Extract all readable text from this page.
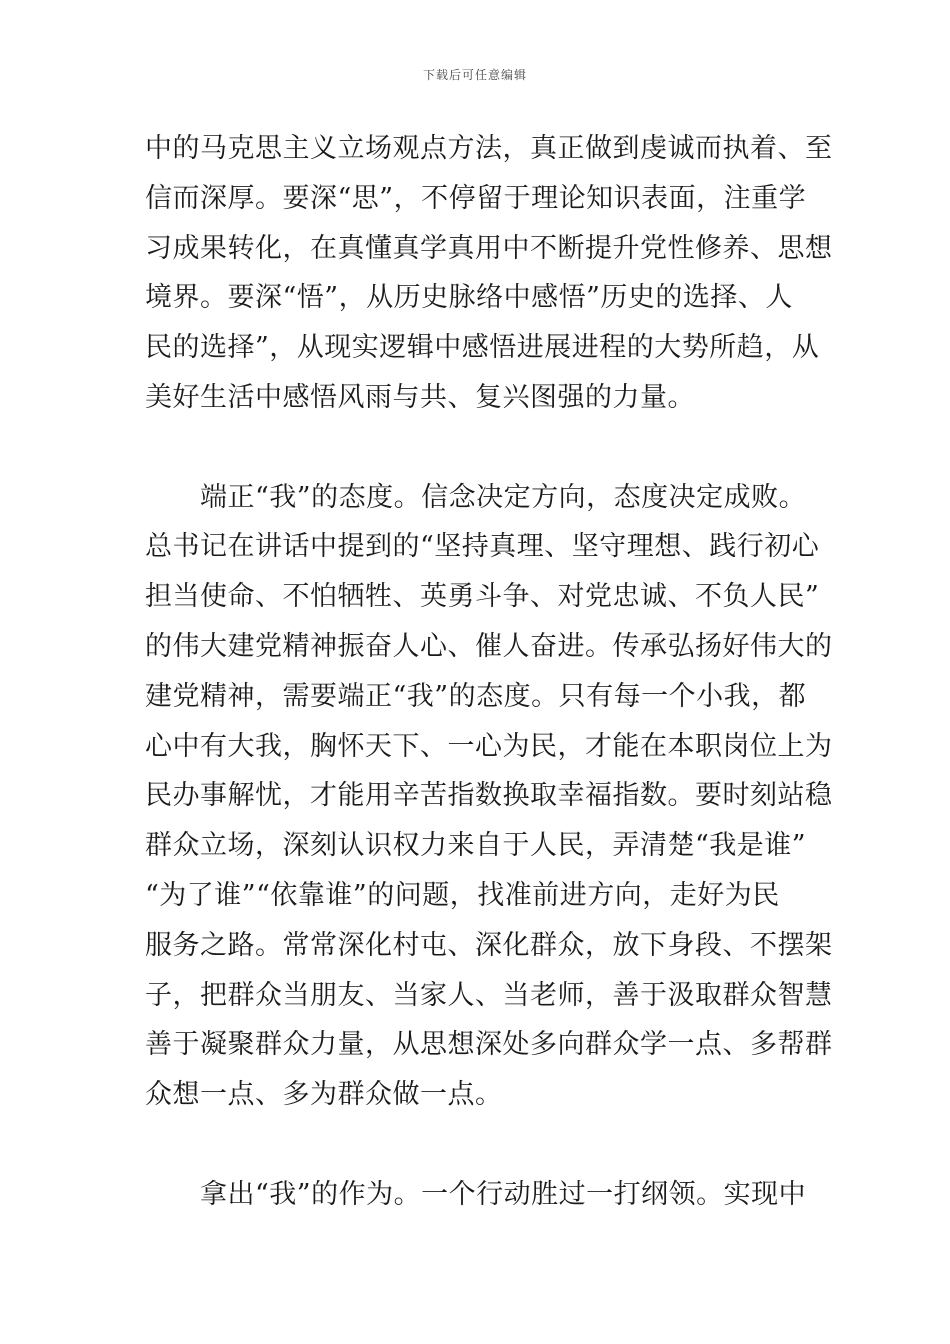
下载后可任意编辑
中的马克思主义立场观点方法，真正做到虔诚而执着、至
信而深厚。要深“思”，不停留于理论知识表面，注重学
习成果转化，在真懂真学真用中不断提升党性修养、思想
境界。要深“悟”，从历史脉络中感悟”历史的选择、人
民的选择”，从现实逻辑中感悟进展进程的大势所趋，从
美好生活中感悟风雨与共、复兴图强的力量。
　　端正“我”的态度。信念决定方向，态度决定成败。
总书记在讲话中提到的“坚持真理、坚守理想、践行初心
担当使命、不怕牺牲、英勇斗争、对党忠诚、不负人民”
的伟大建党精神振奋人心、催人奋进。传承弘扬好伟大的
建党精神，需要端正“我”的态度。只有每一个小我，都
心中有大我，胸怀天下、一心为民，才能在本职岗位上为
民办事解忧，才能用辛苦指数换取幸福指数。要时刻站稳
群众立场，深刻认识权力来自于人民，弄清楚“我是谁”
“为了谁”“依靠谁”的问题，找准前进方向，走好为民
服务之路。常常深化村屯、深化群众，放下身段、不摆架
子，把群众当朋友、当家人、当老师，善于汲取群众智慧
善于凝聚群众力量，从思想深处多向群众学一点、多帮群
众想一点、多为群众做一点。
　　拿出“我”的作为。一个行动胜过一打纲领。实现中
